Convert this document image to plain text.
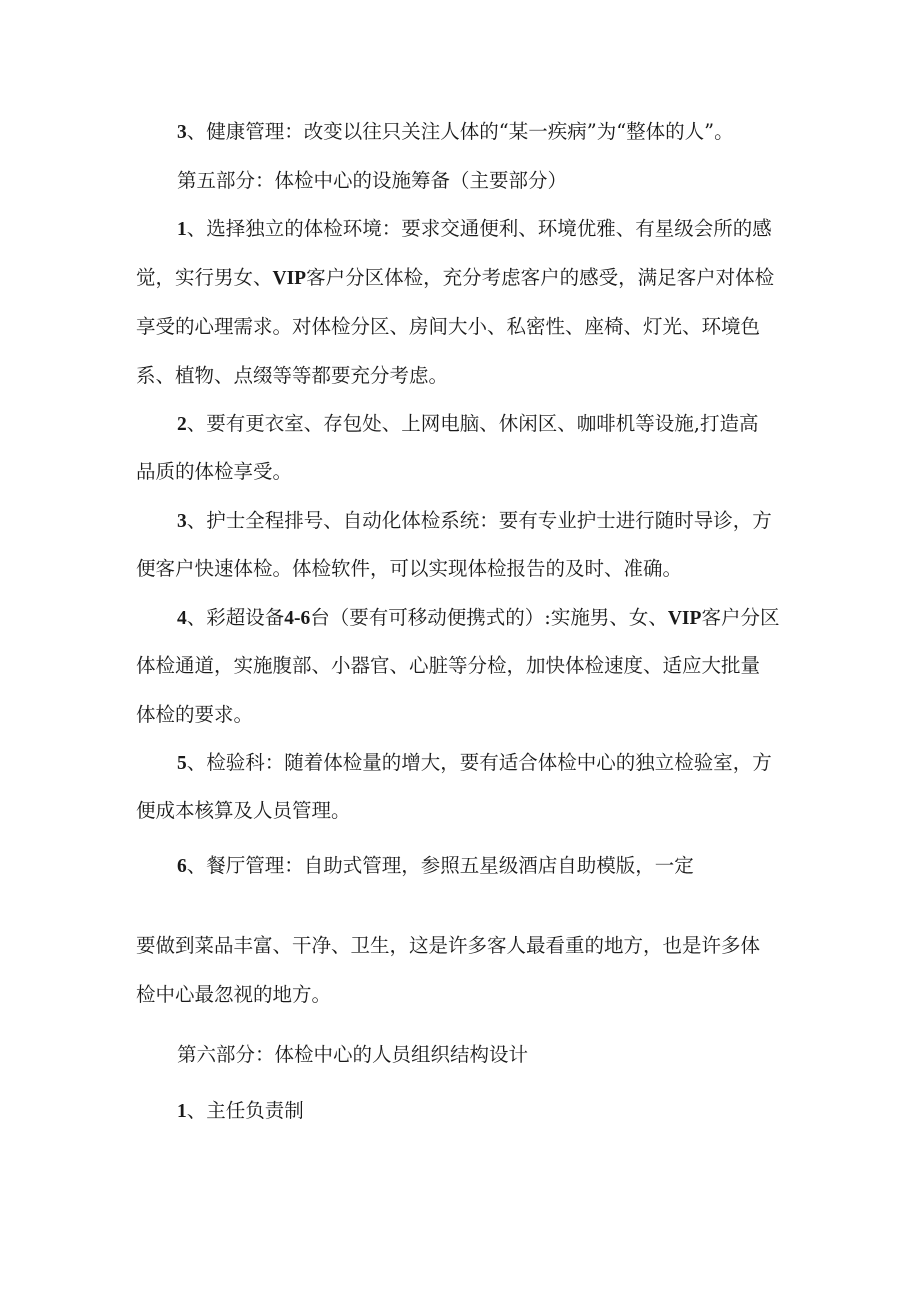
3、健康管理：改变以往只关注人体的“某一疾病”为“整体的人”。
第五部分：体检中心的设施筹备（主要部分）
1、选择独立的体检环境：要求交通便利、环境优雅、有星级会所的感
觉，实行男女、VIP客户分区体检，充分考虑客户的感受，满足客户对体检
享受的心理需求。对体检分区、房间大小、私密性、座椅、灯光、环境色
系、植物、点缀等等都要充分考虑。
2、要有更衣室、存包处、上网电脑、休闲区、咖啡机等设施,打造高
品质的体检享受。
3、护士全程排号、自动化体检系统：要有专业护士进行随时导诊，方
便客户快速体检。体检软件，可以实现体检报告的及时、准确。
4、彩超设备4-6台（要有可移动便携式的）:实施男、女、VIP客户分区
体检通道，实施腹部、小器官、心脏等分检，加快体检速度、适应大批量
体检的要求。
5、检验科：随着体检量的增大，要有适合体检中心的独立检验室，方
便成本核算及人员管理。
6、餐厅管理：自助式管理，参照五星级酒店自助模版，一定
要做到菜品丰富、干净、卫生，这是许多客人最看重的地方，也是许多体
检中心最忽视的地方。
第六部分：体检中心的人员组织结构设计
1、主任负责制
